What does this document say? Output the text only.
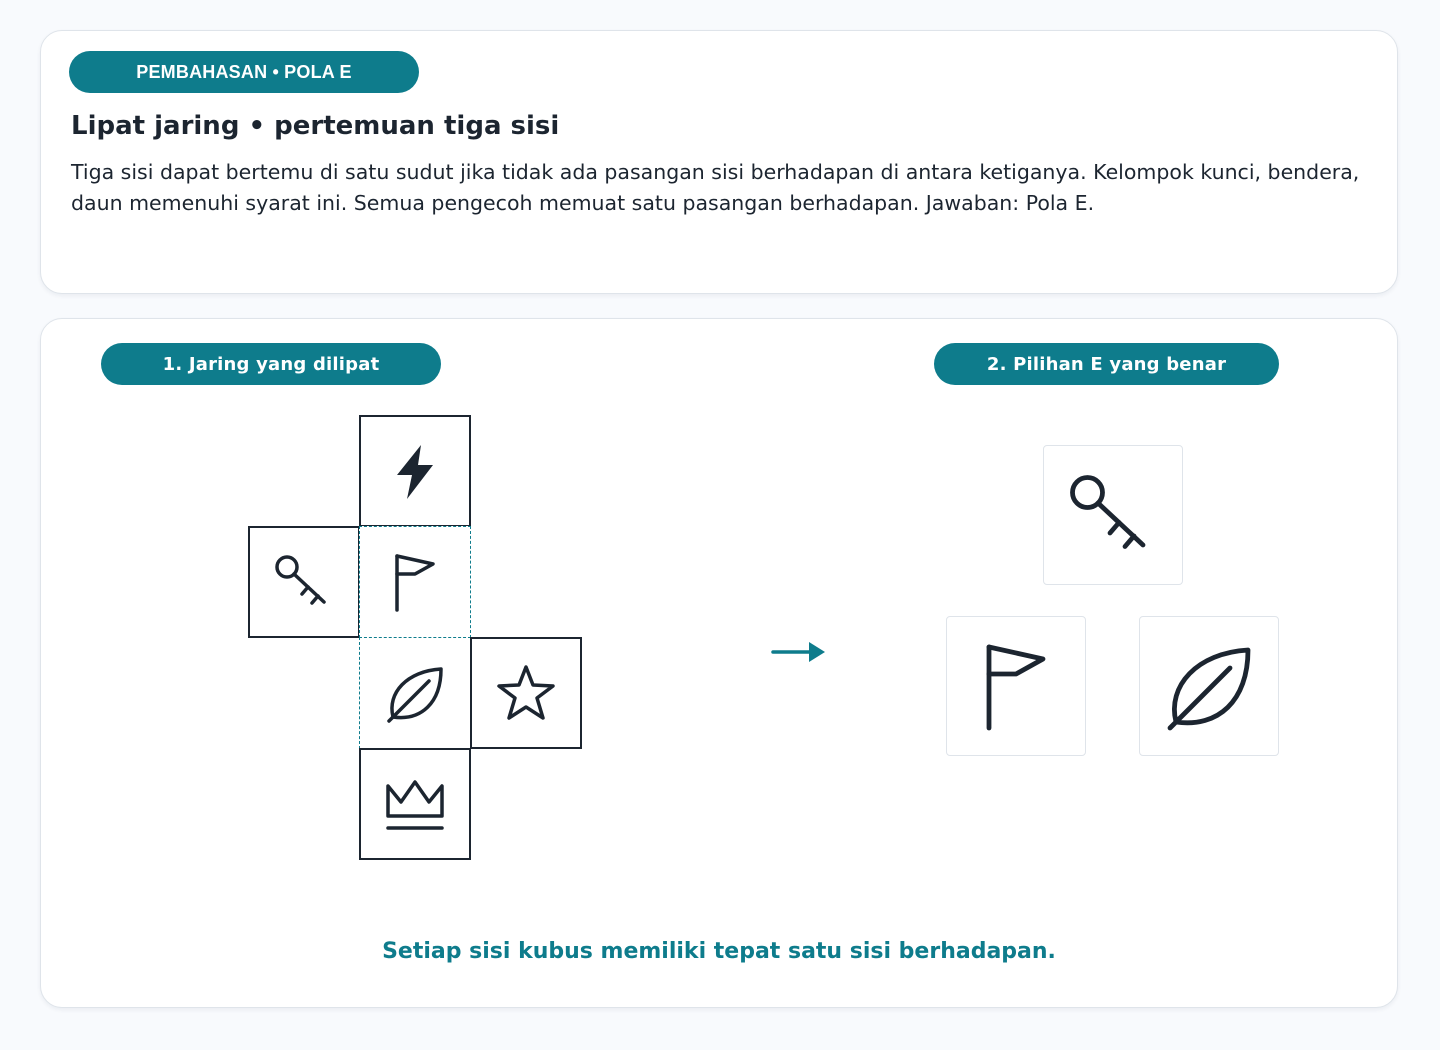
PEMBAHASAN • POLA E
Lipat jaring • pertemuan tiga sisi
Tiga sisi dapat bertemu di satu sudut jika tidak ada pasangan sisi berhadapan di antara ketiganya. Kelompok kunci, bendera, daun memenuhi syarat ini. Semua pengecoh memuat satu pasangan berhadapan. Jawaban: Pola E.
1. Jaring yang dilipat	2. Pilihan E yang benar
Setiap sisi kubus memiliki tepat satu sisi berhadapan.
